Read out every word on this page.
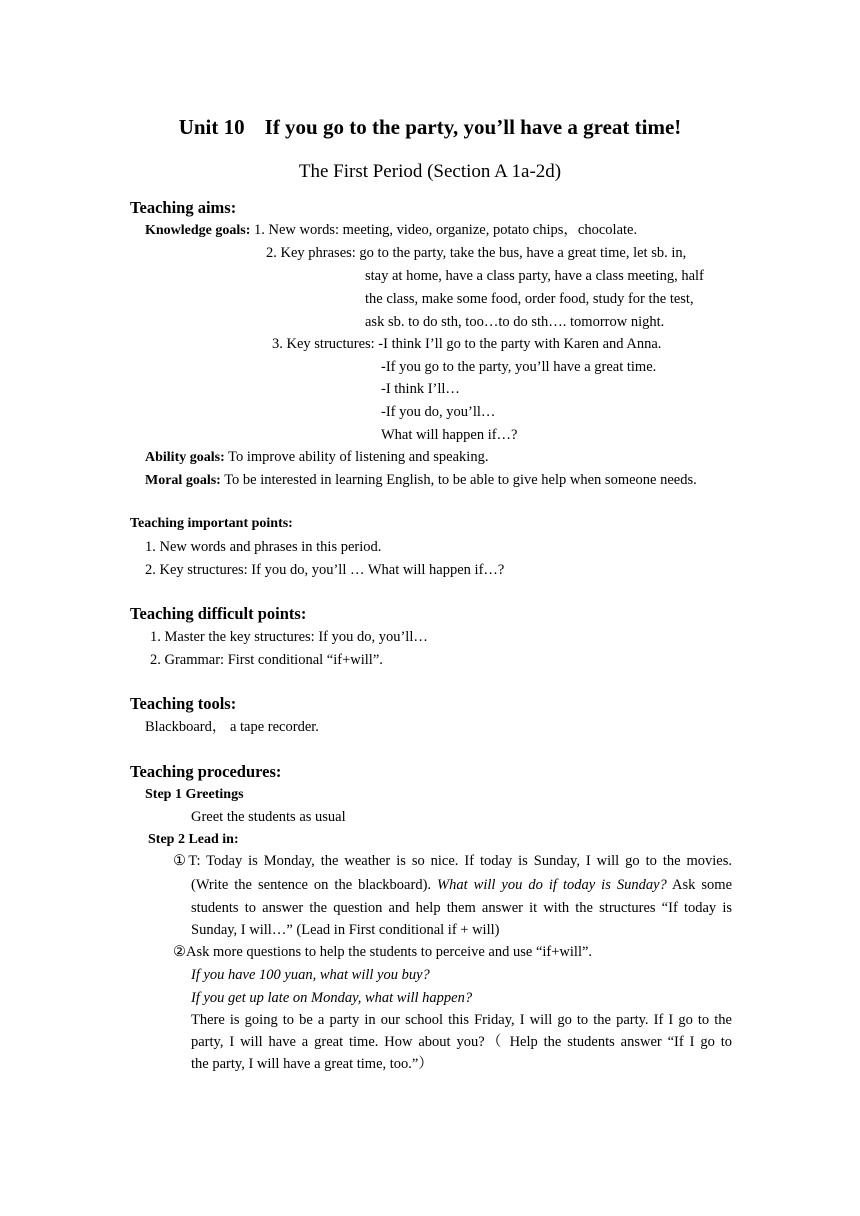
Unit 10 If you go to the party, you’ll have a great time!
The First Period (Section A 1a-2d)
Teaching aims:
Knowledge goals: 1. New words: meeting, video, organize, potato chips，chocolate.
2. Key phrases: go to the party, take the bus, have a great time, let sb. in,
stay at home, have a class party, have a class meeting, half
the class, make some food, order food, study for the test,
ask sb. to do sth, too…to do sth…. tomorrow night.
3. Key structures: -I think I’ll go to the party with Karen and Anna.
-If you go to the party, you’ll have a great time.
-I think I’ll…
-If you do, you’ll…
What will happen if…?
Ability goals: To improve ability of listening and speaking.
Moral goals: To be interested in learning English, to be able to give help when someone needs.
Teaching important points:
1. New words and phrases in this period.
2. Key structures: If you do, you’ll … What will happen if…?
Teaching difficult points:
1. Master the key structures: If you do, you’ll…
2. Grammar: First conditional “if+will”.
Teaching tools:
Blackboard， a tape recorder.
Teaching procedures:
Step 1 Greetings
Greet the students as usual
Step 2 Lead in:
①T: Today is Monday, the weather is so nice. If today is Sunday, I will go to the movies.
(Write the sentence on the blackboard). What will you do if today is Sunday? Ask some
students to answer the question and help them answer it with the structures “If today is
Sunday, I will…” (Lead in First conditional if + will)
②Ask more questions to help the students to perceive and use “if+will”.
If you have 100 yuan, what will you buy?
If you get up late on Monday, what will happen?
There is going to be a party in our school this Friday, I will go to the party. If I go to the
party, I will have a great time. How about you?（ Help the students answer “If I go to
the party, I will have a great time, too.”）
